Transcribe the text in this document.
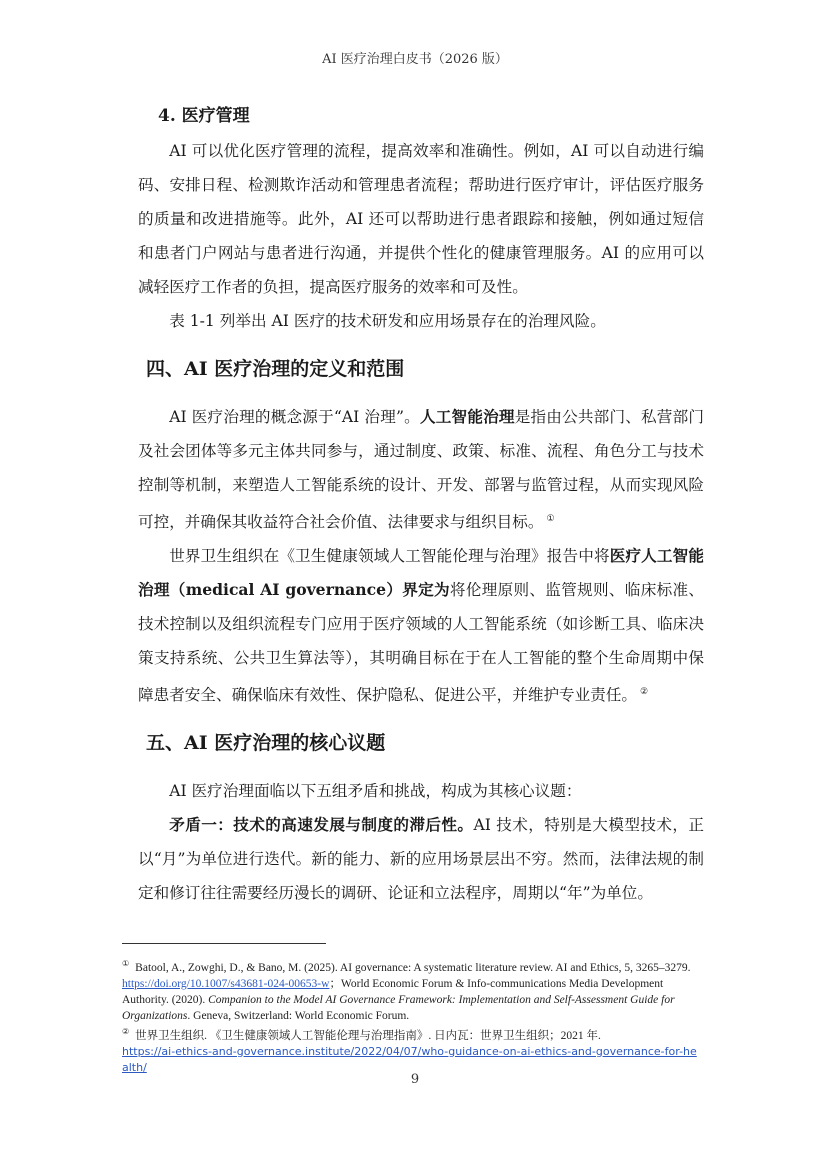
AI 医疗治理白皮书（2026 版）
4. 医疗管理

AI 可以优化医疗管理的流程，提高效率和准确性。例如，AI 可以自动进行编码、安排日程、检测欺诈活动和管理患者流程；帮助进行医疗审计，评估医疗服务的质量和改进措施等。此外，AI 还可以帮助进行患者跟踪和接触，例如通过短信和患者门户网站与患者进行沟通，并提供个性化的健康管理服务。AI 的应用可以减轻医疗工作者的负担，提高医疗服务的效率和可及性。

表 1-1 列举出 AI 医疗的技术研发和应用场景存在的治理风险。

四、AI 医疗治理的定义和范围

AI 医疗治理的概念源于“AI 治理”。人工智能治理是指由公共部门、私营部门及社会团体等多元主体共同参与，通过制度、政策、标准、流程、角色分工与技术控制等机制，来塑造人工智能系统的设计、开发、部署与监管过程，从而实现风险可控，并确保其收益符合社会价值、法律要求与组织目标。 ①

世界卫生组织在《卫生健康领域人工智能伦理与治理》报告中将医疗人工智能治理（medical AI governance）界定为将伦理原则、监管规则、临床标准、技术控制以及组织流程专门应用于医疗领域的人工智能系统（如诊断工具、临床决策支持系统、公共卫生算法等），其明确目标在于在人工智能的整个生命周期中保障患者安全、确保临床有效性、保护隐私、促进公平，并维护专业责任。 ②

五、AI 医疗治理的核心议题

AI 医疗治理面临以下五组矛盾和挑战，构成为其核心议题：

矛盾一：技术的高速发展与制度的滞后性。AI 技术，特别是大模型技术，正以“月”为单位进行迭代。新的能力、新的应用场景层出不穷。然而，法律法规的制定和修订往往需要经历漫长的调研、论证和立法程序，周期以“年”为单位。

① Batool, A., Zowghi, D., & Bano, M. (2025). AI governance: A systematic literature review. AI and Ethics, 5, 3265–3279. https://doi.org/10.1007/s43681-024-00653-w；World Economic Forum & Info-communications Media Development Authority. (2020). Companion to the Model AI Governance Framework: Implementation and Self-Assessment Guide for Organizations. Geneva, Switzerland: World Economic Forum.

② 世界卫生组织. 《卫生健康领域人工智能伦理与治理指南》. 日内瓦：世界卫生组织；2021 年.
https://ai-ethics-and-governance.institute/2022/04/07/who-guidance-on-ai-ethics-and-governance-for-health/

9
